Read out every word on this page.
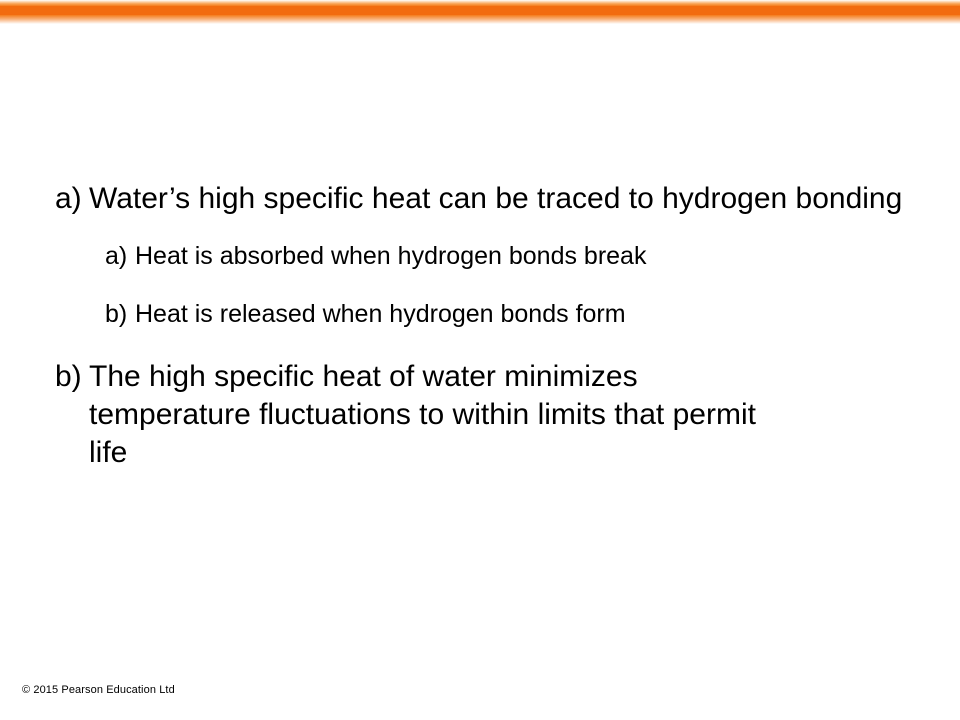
a) Water’s high specific heat can be traced to hydrogen bonding
a) Heat is absorbed when hydrogen bonds break
b) Heat is released when hydrogen bonds form
b) The high specific heat of water minimizes temperature fluctuations to within limits that permit life
© 2015 Pearson Education Ltd
